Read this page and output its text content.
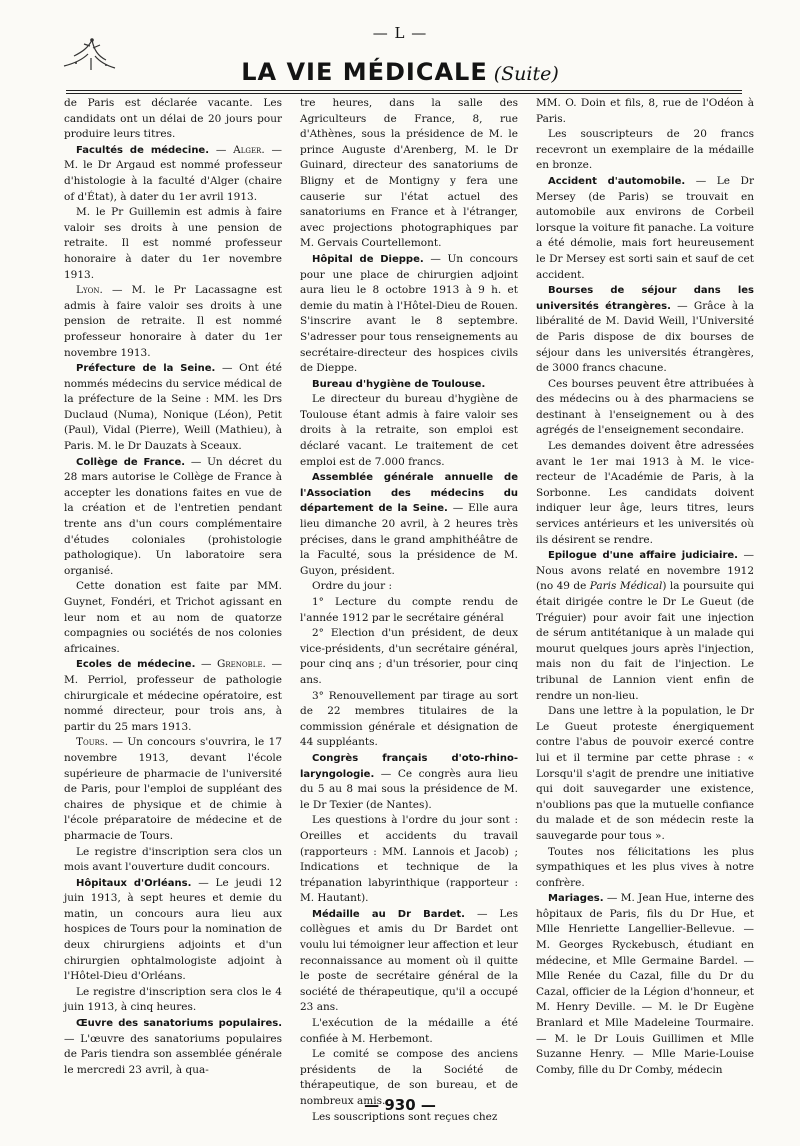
— L —
LA VIE MÉDICALE (Suite)

de Paris est déclarée vacante. Les candidats ont un délai de 20 jours pour produire leurs titres.

Facultés de médecine. — Alger. — M. le Dr Argaud est nommé professeur d'histologie à la faculté d'Alger (chaire of d'État), à dater du 1er avril 1913.

M. le Pr Guillemin est admis à faire valoir ses droits à une pension de retraite. Il est nommé professeur honoraire à dater du 1er novembre 1913.

Lyon. — M. le Pr Lacassagne est admis à faire valoir ses droits à une pension de retraite. Il est nommé professeur honoraire à dater du 1er novembre 1913.

Préfecture de la Seine. — Ont été nommés médecins du service médical de la préfecture de la Seine : MM. les Drs Duclaud (Numa), Nonique (Léon), Petit (Paul), Vidal (Pierre), Weill (Mathieu), à Paris. M. le Dr Dauzats à Sceaux.

Collège de France. — Un décret du 28 mars autorise le Collège de France à accepter les donations faites en vue de la création et de l'entretien pendant trente ans d'un cours complémentaire d'études coloniales (prohistologie pathologique). Un laboratoire sera organisé.

Cette donation est faite par MM. Guynet, Fondéri, et Trichot agissant en leur nom et au nom de quatorze compagnies ou sociétés de nos colonies africaines.

Ecoles de médecine. — Grenoble. — M. Perriol, professeur de pathologie chirurgicale et médecine opératoire, est nommé directeur, pour trois ans, à partir du 25 mars 1913.

Tours. — Un concours s'ouvrira, le 17 novembre 1913, devant l'école supérieure de pharmacie de l'université de Paris, pour l'emploi de suppléant des chaires de physique et de chimie à l'école préparatoire de médecine et de pharmacie de Tours.

Le registre d'inscription sera clos un mois avant l'ouverture dudit concours.

Hôpitaux d'Orléans. — Le jeudi 12 juin 1913, à sept heures et demie du matin, un concours aura lieu aux hospices de Tours pour la nomination de deux chirurgiens adjoints et d'un chirurgien ophtalmologiste adjoint à l'Hôtel-Dieu d'Orléans.

Le registre d'inscription sera clos le 4 juin 1913, à cinq heures.

Œuvre des sanatoriums populaires. — L'œuvre des sanatoriums populaires de Paris tiendra son assemblée générale le mercredi 23 avril, à qua-

tre heures, dans la salle des Agriculteurs de France, 8, rue d'Athènes, sous la présidence de M. le prince Auguste d'Arenberg, M. le Dr Guinard, directeur des sanatoriums de Bligny et de Montigny y fera une causerie sur l'état actuel des sanatoriums en France et à l'étranger, avec projections photographiques par M. Gervais Courtellemont.

Hôpital de Dieppe. — Un concours pour une place de chirurgien adjoint aura lieu le 8 octobre 1913 à 9 h. et demie du matin à l'Hôtel-Dieu de Rouen. S'inscrire avant le 8 septembre. S'adresser pour tous renseignements au secrétaire-directeur des hospices civils de Dieppe.

Bureau d'hygiène de Toulouse.

Le directeur du bureau d'hygiène de Toulouse étant admis à faire valoir ses droits à la retraite, son emploi est déclaré vacant. Le traitement de cet emploi est de 7.000 francs.

Assemblée générale annuelle de l'Association des médecins du département de la Seine. — Elle aura lieu dimanche 20 avril, à 2 heures très précises, dans le grand amphithéâtre de la Faculté, sous la présidence de M. Guyon, président.

Ordre du jour :

1° Lecture du compte rendu de l'année 1912 par le secrétaire général

2° Election d'un président, de deux vice-présidents, d'un secrétaire général, pour cinq ans ; d'un trésorier, pour cinq ans.

3° Renouvellement par tirage au sort de 22 membres titulaires de la commission générale et désignation de 44 suppléants.

Congrès français d'oto-rhino-laryngologie. — Ce congrès aura lieu du 5 au 8 mai sous la présidence de M. le Dr Texier (de Nantes).

Les questions à l'ordre du jour sont : Oreilles et accidents du travail (rapporteurs : MM. Lannois et Jacob) ; Indications et technique de la trépanation labyrinthique (rapporteur : M. Hautant).

Médaille au Dr Bardet. — Les collègues et amis du Dr Bardet ont voulu lui témoigner leur affection et leur reconnaissance au moment où il quitte le poste de secrétaire général de la société de thérapeutique, qu'il a occupé 23 ans.

L'exécution de la médaille a été confiée à M. Herbemont.

Le comité se compose des anciens présidents de la Société de thérapeutique, de son bureau, et de nombreux amis.

Les souscriptions sont reçues chez

MM. O. Doin et fils, 8, rue de l'Odéon à Paris.

Les souscripteurs de 20 francs recevront un exemplaire de la médaille en bronze.

Accident d'automobile. — Le Dr Mersey (de Paris) se trouvait en automobile aux environs de Corbeil lorsque la voiture fit panache. La voiture a été démolie, mais fort heureusement le Dr Mersey est sorti sain et sauf de cet accident.

Bourses de séjour dans les universités étrangères. — Grâce à la libéralité de M. David Weill, l'Université de Paris dispose de dix bourses de séjour dans les universités étrangères, de 3000 francs chacune.

Ces bourses peuvent être attribuées à des médecins ou à des pharmaciens se destinant à l'enseignement ou à des agrégés de l'enseignement secondaire.

Les demandes doivent être adressées avant le 1er mai 1913 à M. le vice-recteur de l'Académie de Paris, à la Sorbonne. Les candidats doivent indiquer leur âge, leurs titres, leurs services antérieurs et les universités où ils désirent se rendre.

Epilogue d'une affaire judiciaire. — Nous avons relaté en novembre 1912 (no 49 de Paris Médical) la poursuite qui était dirigée contre le Dr Le Gueut (de Tréguier) pour avoir fait une injection de sérum antitétanique à un malade qui mourut quelques jours après l'injection, mais non du fait de l'injection. Le tribunal de Lannion vient enfin de rendre un non-lieu.

Dans une lettre à la population, le Dr Le Gueut proteste énergiquement contre l'abus de pouvoir exercé contre lui et il termine par cette phrase : « Lorsqu'il s'agit de prendre une initiative qui doit sauvegarder une existence, n'oublions pas que la mutuelle confiance du malade et de son médecin reste la sauvegarde pour tous ».

Toutes nos félicitations les plus sympathiques et les plus vives à notre confrère.

Mariages. — M. Jean Hue, interne des hôpitaux de Paris, fils du Dr Hue, et Mlle Henriette Langellier-Bellevue. — M. Georges Ryckebusch, étudiant en médecine, et Mlle Germaine Bardel. — Mlle Renée du Cazal, fille du Dr du Cazal, officier de la Légion d'honneur, et M. Henry Deville. — M. le Dr Eugène Branlard et Mlle Madeleine Tourmaire.— M. le Dr Louis Guillimen et Mlle Suzanne Henry. — Mlle Marie-Louise Comby, fille du Dr Comby, médecin

— 930 —
